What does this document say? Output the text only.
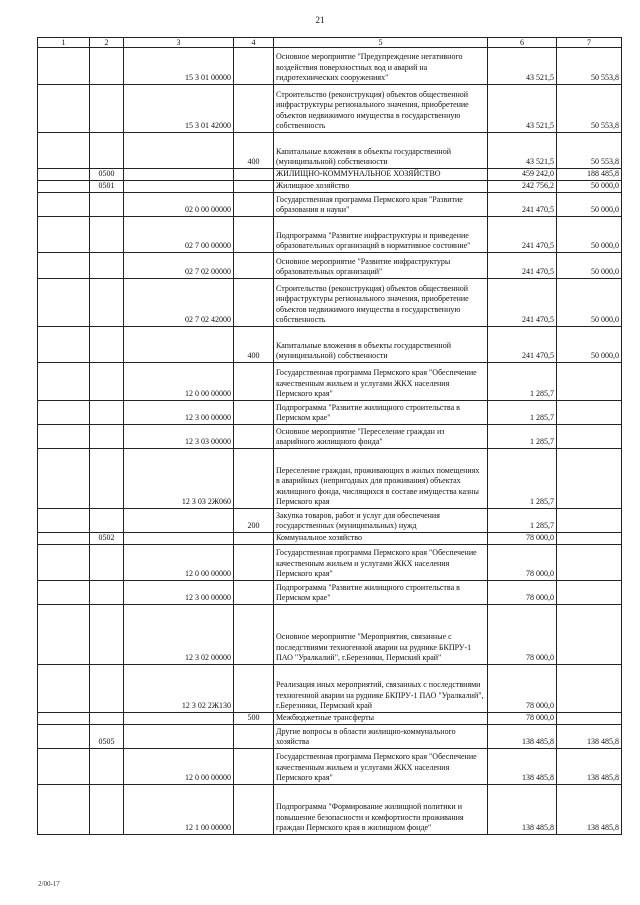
21
1	2	3	4	5	6	7
		15 3 01 00000		Основное мероприятие "Предупреждение негативного воздействия поверхностных вод и аварий на гидротехнических сооружениях"	43 521,5	50 553,8
		15 3 01 42000		Строительство (реконструкция) объектов общественной инфраструктуры регионального значения, приобретение объектов недвижимого имущества в государственную собственность	43 521,5	50 553,8
			400	Капитальные вложения в объекты государственной (муниципальной) собственности	43 521,5	50 553,8
	0500			ЖИЛИЩНО-КОММУНАЛЬНОЕ ХОЗЯЙСТВО	459 242,0	188 485,8
	0501			Жилищное хозяйство	242 756,2	50 000,0
		02 0 00 00000		Государственная программа Пермского края "Развитие образования и науки"	241 470,5	50 000,0
		02 7 00 00000		Подпрограмма "Развитие инфраструктуры и приведение образовательных организаций в нормативное состояние"	241 470,5	50 000,0
		02 7 02 00000		Основное мероприятие "Развитие инфраструктуры образовательных организаций"	241 470,5	50 000,0
		02 7 02 42000		Строительство (реконструкция) объектов общественной инфраструктуры регионального значения, приобретение объектов недвижимого имущества в государственную собственность	241 470,5	50 000,0
			400	Капитальные вложения в объекты государственной (муниципальной) собственности	241 470,5	50 000,0
		12 0 00 00000		Государственная программа Пермского края "Обеспечение качественным жильем и услугами ЖКХ населения Пермского края"	1 285,7	
		12 3 00 00000		Подпрограмма "Развитие жилищного строительства в Пермском крае"	1 285,7	
		12 3 03 00000		Основное мероприятие "Переселение граждан из аварийного жилищного фонда"	1 285,7	
		12 3 03 2Ж060		Переселение граждан, проживающих в жилых помещениях в аварийных (непригодных для проживания) объектах жилищного фонда, числящихся в составе имущества казны Пермского края	1 285,7	
			200	Закупка товаров, работ и услуг для обеспечения государственных (муниципальных) нужд	1 285,7	
	0502			Коммунальное хозяйство	78 000,0	
		12 0 00 00000		Государственная программа Пермского края "Обеспечение качественным жильем и услугами ЖКХ населения Пермского края"	78 000,0	
		12 3 00 00000		Подпрограмма "Развитие жилищного строительства в Пермском крае"	78 000,0	
		12 3 02 00000		Основное мероприятие "Мероприятия, связанные с последствиями техногенной аварии на руднике БКПРУ-1 ПАО "Уралкалий", г.Березники, Пермский край"	78 000,0	
		12 3 02 2Ж130		Реализация иных мероприятий, связанных с последствиями техногенной аварии на руднике БКПРУ-1 ПАО "Уралкалий", г.Березники, Пермский край	78 000,0	
			500	Межбюджетные трансферты	78 000,0	
	0505			Другие вопросы в области жилищно-коммунального хозяйства	138 485,8	138 485,8
		12 0 00 00000		Государственная программа Пермского края "Обеспечение качественным жильем и услугами ЖКХ населения Пермского края"	138 485,8	138 485,8
		12 1 00 00000		Подпрограмма "Формирование жилищной политики и повышение безопасности и комфортности проживания граждан Пермского края в жилищном фонде"	138 485,8	138 485,8
2/00-17
